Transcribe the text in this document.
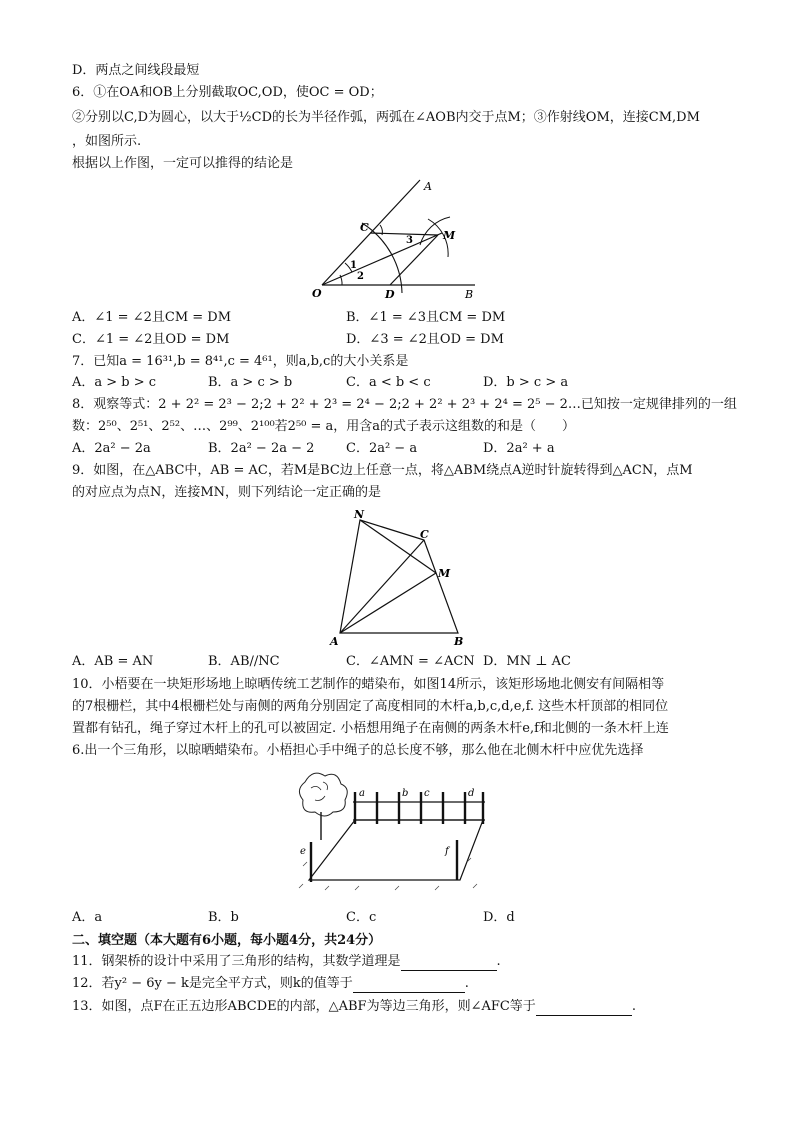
D．两点之间线段最短
6．①在OA和OB上分别截取OC,OD，使OC = OD；
②分别以C,D为圆心，以大于½CD的长为半径作弧，两弧在∠AOB内交于点M；③作射线OM，连接CM,DM
，如图所示.
根据以上作图，一定可以推得的结论是
A
B
O
C
D
M
1
2
3
A．∠1 = ∠2且CM = DM	B．∠1 = ∠3且CM = DM
C．∠1 = ∠2且OD = DM	D．∠3 = ∠2且OD = DM
7．已知a = 16³¹,b = 8⁴¹,c = 4⁶¹，则a,b,c的大小关系是
A．a > b > c	B．a > c > b	C．a < b < c	D．b > c > a
8．观察等式：2 + 2² = 2³ − 2;2 + 2² + 2³ = 2⁴ − 2;2 + 2² + 2³ + 2⁴ = 2⁵ − 2…已知按一定规律排列的一组
数：2⁵⁰、2⁵¹、2⁵²、…、2⁹⁹、2¹⁰⁰若2⁵⁰ = a，用含a的式子表示这组数的和是（　　）
A．2a² − 2a	B．2a² − 2a − 2 C．2a² − a	D．2a² + a
9．如图，在△ABC中，AB = AC，若M是BC边上任意一点，将△ABM绕点A逆时针旋转得到△ACN，点M
的对应点为点N，连接MN，则下列结论一定正确的是
N
C
M
A	B
A．AB = AN	B．AB//NC	C．∠AMN = ∠ACN D．MN ⊥ AC
10．小梧要在一块矩形场地上晾晒传统工艺制作的蜡染布，如图14所示，该矩形场地北侧安有间隔相等
的7根栅栏，其中4根栅栏处与南侧的两角分别固定了高度相同的木杆a,b,c,d,e,f. 这些木杆顶部的相同位
置都有钻孔，绳子穿过木杆上的孔可以被固定. 小梧想用绳子在南侧的两条木杆e,f和北侧的一条木杆上连
6.出一个三角形，以晾晒蜡染布。小梧担心手中绳子的总长度不够，那么他在北侧木杆中应优先选择
a	b c	d
e	f
A．a	B．b	C．c	D．d
二、填空题（本大题有6小题，每小题4分，共24分）
11．钢架桥的设计中采用了三角形的结构，其数学道理是	.
12．若y² − 6y − k是完全平方式，则k的值等于	.
13．如图，点F在正五边形ABCDE的内部，△ABF为等边三角形，则∠AFC等于	.
